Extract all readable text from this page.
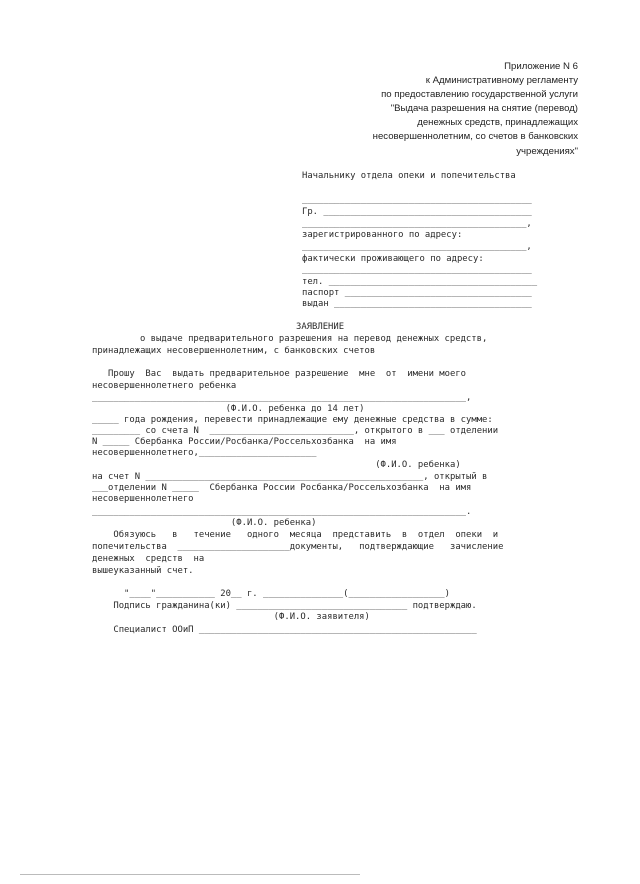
Приложение N 6
к Административному регламенту
по предоставлению государственной услуги
"Выдача разрешения на снятие (перевод)
денежных средств, принадлежащих
несовершеннолетним, со счетов в банковских
учреждениях"
Начальнику отдела опеки и попечительства
___________________________________________
Гр. _______________________________________
__________________________________________,
зарегистрированного по адресу:
__________________________________________,
фактически проживающего по адресу:
___________________________________________
тел. _______________________________________
паспорт ___________________________________
выдан _____________________________________
ЗАЯВЛЕНИЕ
о выдаче предварительного разрешения на перевод денежных средств,
принадлежащих несовершеннолетним, с банковских счетов
Прошу  Вас  выдать предварительное разрешение  мне  от  имени моего
несовершеннолетнего ребенка
______________________________________________________________________,
(Ф.И.О. ребенка до 14 лет)
_____ года рождения, перевести принадлежащие ему денежные средства в сумме:
_________ со счета N  ___________________________, открытого в ___ отделении
N _____ Сбербанка России/Росбанка/Россельхозбанка  на имя
несовершеннолетнего,______________________
(Ф.И.О. ребенка)
на счет N ____________________________________________________, открытый в
___отделении N _____  Сбербанка России Росбанка/Россельхозбанка  на имя
несовершеннолетнего
______________________________________________________________________.
(Ф.И.О. ребенка)
Обязуюсь   в   течение   одного  месяца  представить  в  отдел  опеки  и
попечительства  _____________________документы,   подтверждающие   зачисление
денежных  средств  на
вышеуказанный счет.
"____"___________ 20__ г. _______________(__________________)
Подпись гражданина(ки) ________________________________ подтверждаю.
(Ф.И.О. заявителя)
Специалист ООиП ____________________________________________________
